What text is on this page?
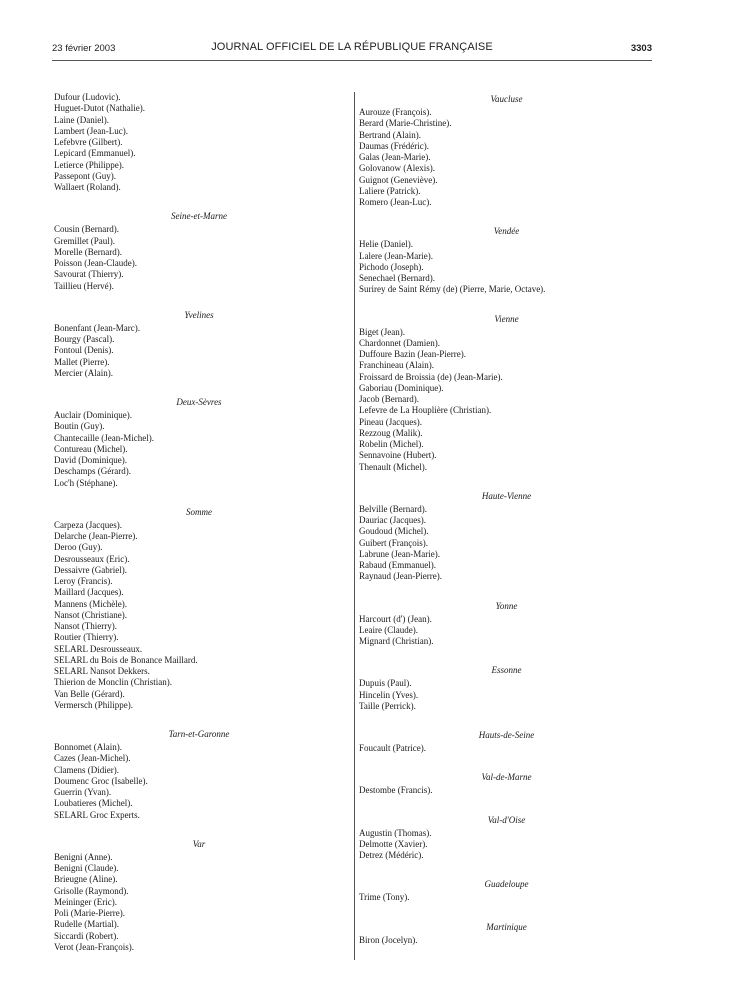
23 février 2003	JOURNAL OFFICIEL DE LA RÉPUBLIQUE FRANÇAISE	3303
Dufour (Ludovic).
Huguet-Dutot (Nathalie).
Laine (Daniel).
Lambert (Jean-Luc).
Lefebvre (Gilbert).
Lepicard (Emmanuel).
Letierce (Philippe).
Passepont (Guy).
Wallaert (Roland).
Seine-et-Marne
Cousin (Bernard).
Gremillet (Paul).
Morelle (Bernard).
Poisson (Jean-Claude).
Savourat (Thierry).
Taillieu (Hervé).
Yvelines
Bonenfant (Jean-Marc).
Bourgy (Pascal).
Fontoul (Denis).
Mallet (Pierre).
Mercier (Alain).
Deux-Sèvres
Auclair (Dominique).
Boutin (Guy).
Chantecaille (Jean-Michel).
Contureau (Michel).
David (Dominique).
Deschamps (Gérard).
Loc'h (Stéphane).
Somme
Carpeza (Jacques).
Delarche (Jean-Pierre).
Deroo (Guy).
Desrousseaux (Eric).
Dessaivre (Gabriel).
Leroy (Francis).
Maillard (Jacques).
Mannens (Michèle).
Nansot (Christiane).
Nansot (Thierry).
Routier (Thierry).
SELARL Desrousseaux.
SELARL du Bois de Bonance Maillard.
SELARL Nansot Dekkers.
Thierion de Monclin (Christian).
Van Belle (Gérard).
Vermersch (Philippe).
Tarn-et-Garonne
Bonnomet (Alain).
Cazes (Jean-Michel).
Clamens (Didier).
Doumenc Groc (Isabelle).
Guerrin (Yvan).
Loubatieres (Michel).
SELARL Groc Experts.
Var
Benigni (Anne).
Benigni (Claude).
Brieugne (Aline).
Grisolle (Raymond).
Meininger (Eric).
Poli (Marie-Pierre).
Rudelle (Martial).
Siccardi (Robert).
Verot (Jean-François).
Vaucluse
Aurouze (François).
Berard (Marie-Christine).
Bertrand (Alain).
Daumas (Frédéric).
Galas (Jean-Marie).
Golovanow (Alexis).
Guignot (Geneviève).
Laliere (Patrick).
Romero (Jean-Luc).
Vendée
Helie (Daniel).
Lalere (Jean-Marie).
Pichodo (Joseph).
Senechael (Bernard).
Surirey de Saint Rémy (de) (Pierre, Marie, Octave).
Vienne
Biget (Jean).
Chardonnet (Damien).
Duffoure Bazin (Jean-Pierre).
Franchineau (Alain).
Froissard de Broissia (de) (Jean-Marie).
Gaboriau (Dominique).
Jacob (Bernard).
Lefevre de La Houplière (Christian).
Pineau (Jacques).
Rezzoug (Malik).
Robelin (Michel).
Sennavoine (Hubert).
Thenault (Michel).
Haute-Vienne
Belville (Bernard).
Dauriac (Jacques).
Goudoud (Michel).
Guibert (François).
Labrune (Jean-Marie).
Rabaud (Emmanuel).
Raynaud (Jean-Pierre).
Yonne
Harcourt (d') (Jean).
Leaire (Claude).
Mignard (Christian).
Essonne
Dupuis (Paul).
Hincelin (Yves).
Taille (Perrick).
Hauts-de-Seine
Foucault (Patrice).
Val-de-Marne
Destombe (Francis).
Val-d'Oise
Augustin (Thomas).
Delmotte (Xavier).
Detrez (Médéric).
Guadeloupe
Trime (Tony).
Martinique
Biron (Jocelyn).
